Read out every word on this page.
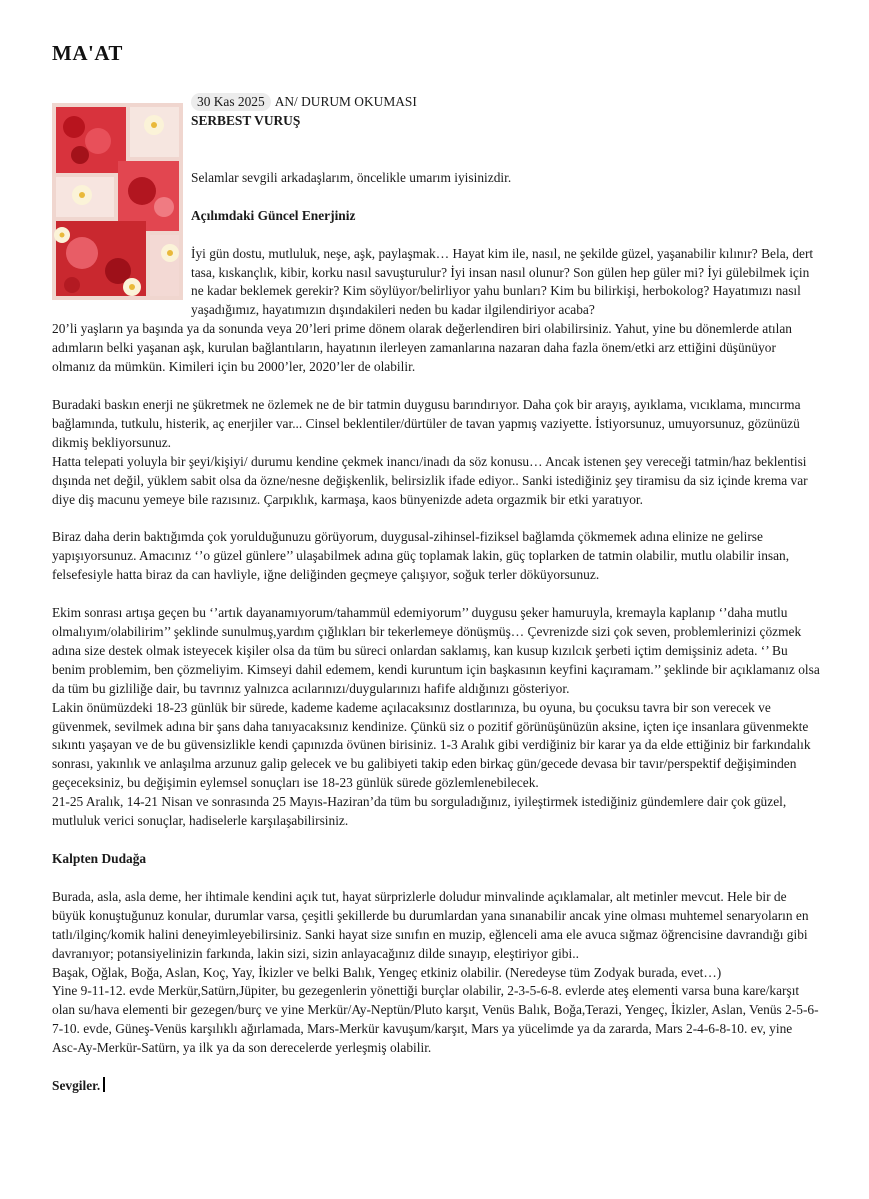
MA'AT
30 Kas 2025 AN/ DURUM OKUMASI

SERBEST VURUŞ

Selamlar sevgili arkadaşlarım, öncelikle umarım iyisinizdir.

Açılımdaki Güncel Enerjiniz

İyi gün dostu, mutluluk, neşe, aşk, paylaşmak… Hayat kim ile, nasıl, ne şekilde güzel, yaşanabilir kılınır? Bela, dert tasa, kıskançlık, kibir, korku nasıl savuşturulur? İyi insan nasıl olunur? Son gülen hep güler mi? İyi gülebilmek için ne kadar beklemek gerekir? Kim söylüyor/belirliyor yahu bunları? Kim bu bilirkişi, herbokolog? Hayatımızı nasıl yaşadığımız, hayatımızın dışındakileri neden bu kadar ilgilendiriyor acaba?

20’li yaşların ya başında ya da sonunda veya 20’leri prime dönem olarak değerlendiren biri olabilirsiniz. Yahut, yine bu dönemlerde atılan adımların belki yaşanan aşk, kurulan bağlantıların, hayatının ilerleyen zamanlarına nazaran daha fazla önem/etki arz ettiğini düşünüyor olmanız da mümkün. Kimileri için bu 2000’ler, 2020’ler de olabilir.

Buradaki baskın enerji ne şükretmek ne özlemek ne de bir tatmin duygusu barındırıyor. Daha çok bir arayış, ayıklama, vıcıklama, mıncırma bağlamında, tutkulu, histerik, aç enerjiler var... Cinsel beklentiler/dürtüler de tavan yapmış vaziyette. İstiyorsunuz, umuyorsunuz, gözünüzü dikmiş bekliyorsunuz.

Hatta telepati yoluyla bir şeyi/kişiyi/ durumu kendine çekmek inancı/inadı da söz konusu… Ancak istenen şey vereceği tatmin/haz beklentisi dışında net değil, yüklem sabit olsa da özne/nesne değişkenlik, belirsizlik ifade ediyor.. Sanki istediğiniz şey tiramisu da siz içinde krema var diye diş macunu yemeye bile razısınız. Çarpıklık, karmaşa, kaos bünyenizde adeta orgazmik bir etki yaratıyor.

Biraz daha derin baktığımda çok yorulduğunuzu görüyorum, duygusal-zihinsel-fiziksel bağlamda çökmemek adına elinize ne gelirse yapışıyorsunuz. Amacınız ‘’o güzel günlere’’ ulaşabilmek adına güç toplamak lakin, güç toplarken de tatmin olabilir, mutlu olabilir insan, felsefesiyle hatta biraz da can havliyle, iğne deliğinden geçmeye çalışıyor, soğuk terler döküyorsunuz.

Ekim sonrası artışa geçen bu ‘’artık dayanamıyorum/tahammül edemiyorum’’ duygusu şeker hamuruyla, kremayla kaplanıp ‘’daha mutlu olmalıyım/olabilirim’’ şeklinde sunulmuş,yardım çığlıkları bir tekerlemeye dönüşmüş… Çevrenizde sizi çok seven, problemlerinizi çözmek adına size destek olmak isteyecek kişiler olsa da tüm bu süreci onlardan saklamış, kan kusup kızılcık şerbeti içtim demişsiniz adeta. ‘’ Bu benim problemim, ben çözmeliyim. Kimseyi dahil edemem, kendi kuruntum için başkasının keyfini kaçıramam.’’ şeklinde bir açıklamanız olsa da tüm bu gizliliğe dair, bu tavrınız yalnızca acılarınızı/duygularınızı hafife aldığınızı gösteriyor.

Lakin önümüzdeki 18-23 günlük bir sürede, kademe kademe açılacaksınız dostlarınıza, bu oyuna, bu çocuksu tavra bir son verecek ve güvenmek, sevilmek adına bir şans daha tanıyacaksınız kendinize. Çünkü siz o pozitif görünüşünüzün aksine, içten içe insanlara güvenmekte sıkıntı yaşayan ve de bu güvensizlikle kendi çapınızda övünen birisiniz. 1-3 Aralık gibi verdiğiniz bir karar ya da elde ettiğiniz bir farkındalık sonrası, yakınlık ve anlaşılma arzunuz galip gelecek ve bu galibiyeti takip eden birkaç gün/gecede devasa bir tavır/perspektif değişiminden geçeceksiniz, bu değişimin eylemsel sonuçları ise 18-23 günlük sürede gözlemlenebilecek.

21-25 Aralık, 14-21 Nisan ve sonrasında 25 Mayıs-Haziran’da tüm bu sorguladığınız, iyileştirmek istediğiniz gündemlere dair çok güzel, mutluluk verici sonuçlar, hadiselerle karşılaşabilirsiniz.

Kalpten Dudağa

Burada, asla, asla deme, her ihtimale kendini açık tut, hayat sürprizlerle doludur minvalinde açıklamalar, alt metinler mevcut. Hele bir de büyük konuştuğunuz konular, durumlar varsa, çeşitli şekillerde bu durumlardan yana sınanabilir ancak yine olması muhtemel senaryoların en tatlı/ilginç/komik halini deneyimleyebilirsiniz. Sanki hayat size sınıfın en muzip, eğlenceli ama ele avuca sığmaz öğrencisine davrandığı gibi davranıyor; potansiyelinizin farkında, lakin sizi, sizin anlayacağınız dilde sınayıp, eleştiriyor gibi..

Başak, Oğlak, Boğa, Aslan, Koç, Yay, İkizler ve belki Balık, Yengeç etkiniz olabilir. (Neredeyse tüm Zodyak burada, evet…)

Yine 9-11-12. evde Merkür,Satürn,Jüpiter, bu gezegenlerin yönettiği burçlar olabilir, 2-3-5-6-8. evlerde ateş elementi varsa buna kare/karşıt olan su/hava elementi bir gezegen/burç ve yine Merkür/Ay-Neptün/Pluto karşıt, Venüs Balık, Boğa,Terazi, Yengeç, İkizler, Aslan, Venüs 2-5-6-7-10. evde, Güneş-Venüs karşılıklı ağırlamada, Mars-Merkür kavuşum/karşıt, Mars ya yücelimde ya da zararda, Mars 2-4-6-8-10. ev, yine Asc-Ay-Merkür-Satürn, ya ilk ya da son derecelerde yerleşmiş olabilir.

Sevgiler.
